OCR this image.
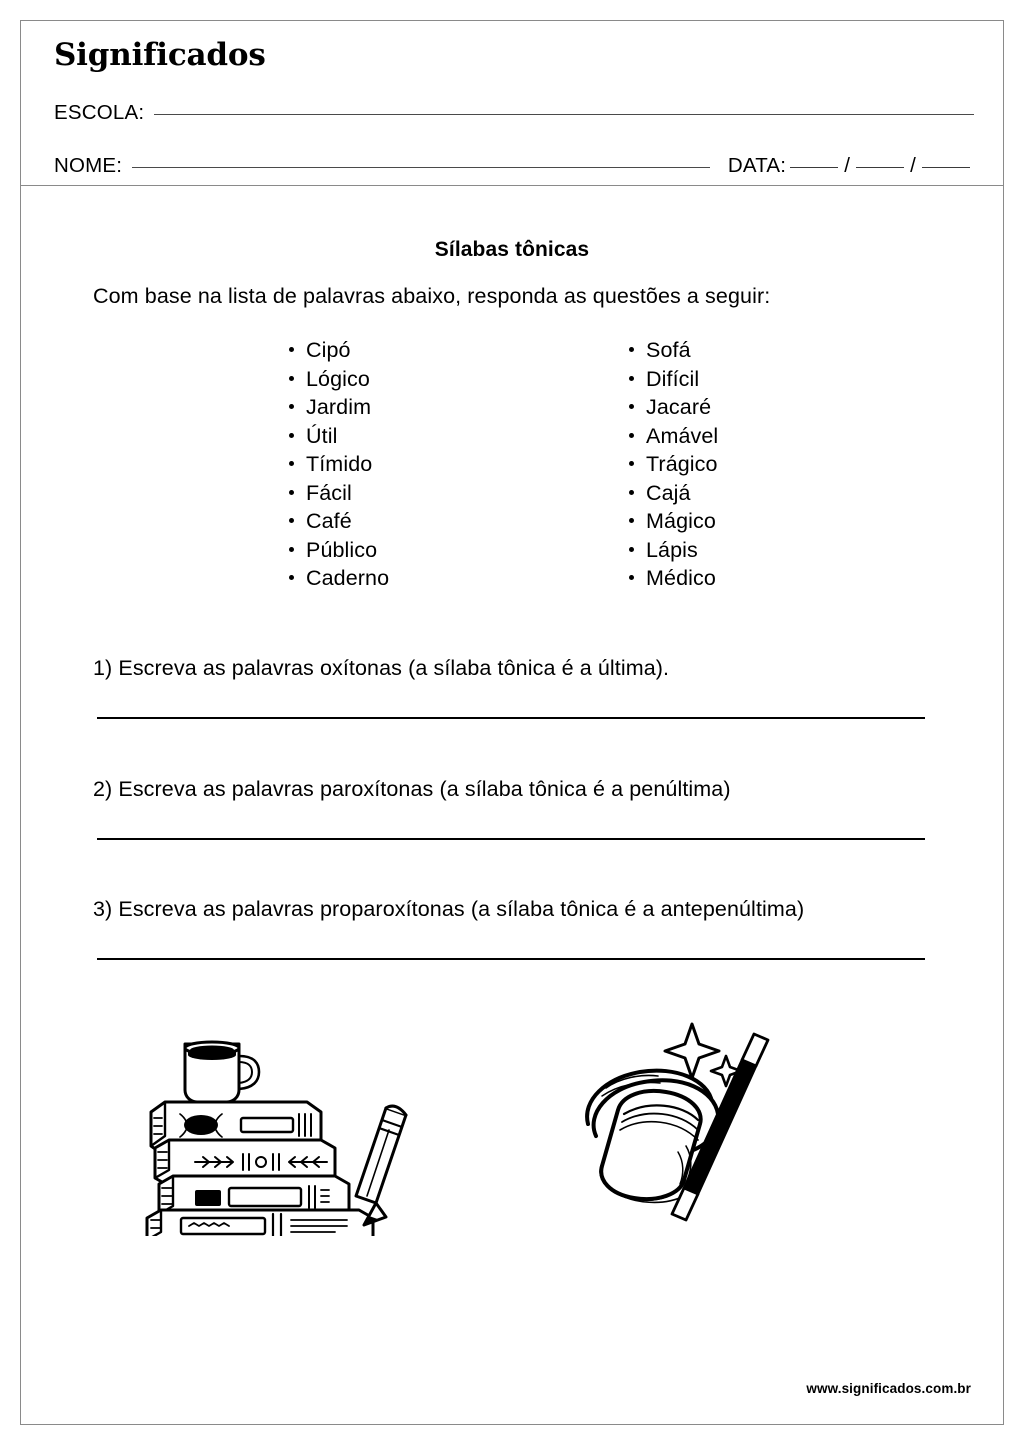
Significados
ESCOLA:
NOME:	DATA:	/	/
Sílabas tônicas
Com base na lista de palavras abaixo, responda as questões a seguir:
Cipó
Lógico
Jardim
Útil
Tímido
Fácil
Café
Público
Caderno
Sofá
Difícil
Jacaré
Amável
Trágico
Cajá
Mágico
Lápis
Médico
1) Escreva as palavras oxítonas (a sílaba tônica é a última).
2) Escreva as palavras paroxítonas (a sílaba tônica é a penúltima)
3) Escreva as palavras proparoxítonas (a sílaba tônica é a antepenúltima)
www.significados.com.br
